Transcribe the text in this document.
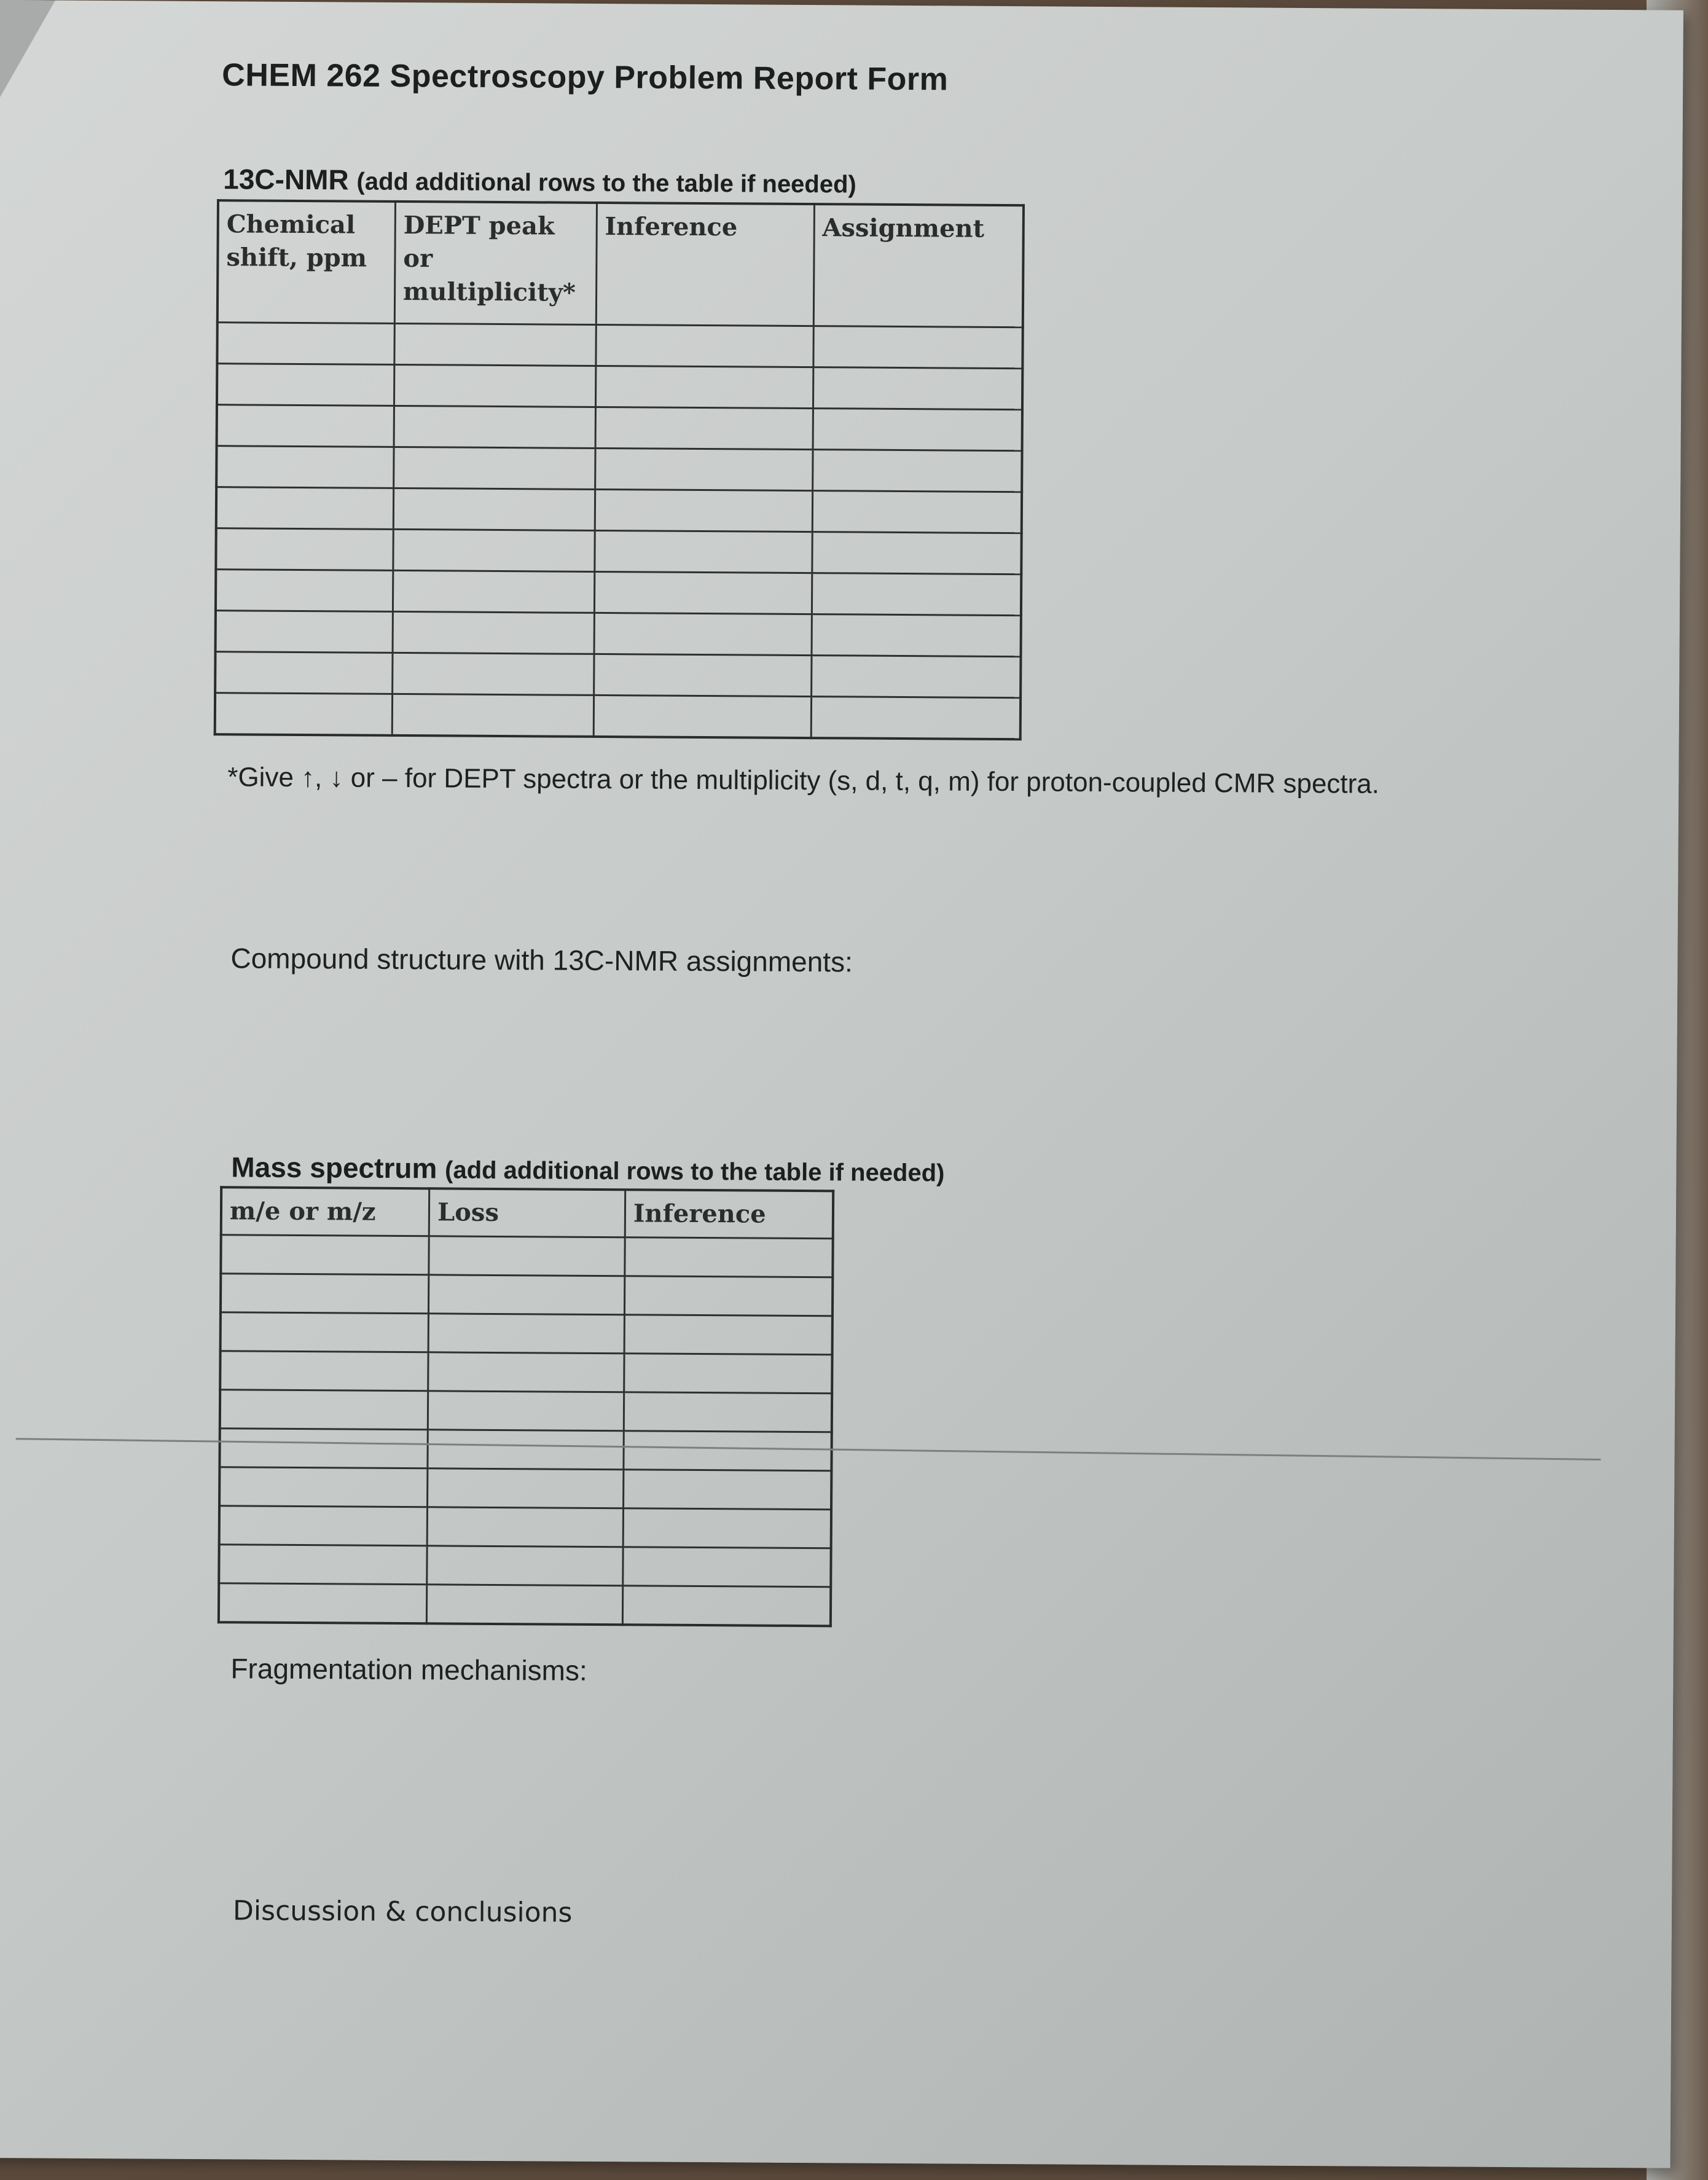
CHEM 262 Spectroscopy Problem Report Form
13C-NMR (add additional rows to the table if needed)
Chemical shift, ppm	DEPT peak or multiplicity*	Inference	Assignment

*Give ↑, ↓ or – for DEPT spectra or the multiplicity (s, d, t, q, m) for proton-coupled CMR spectra.
Compound structure with 13C-NMR assignments:
Mass spectrum (add additional rows to the table if needed)
m/e or m/z	Loss	Inference

Fragmentation mechanisms:
Discussion & conclusions
